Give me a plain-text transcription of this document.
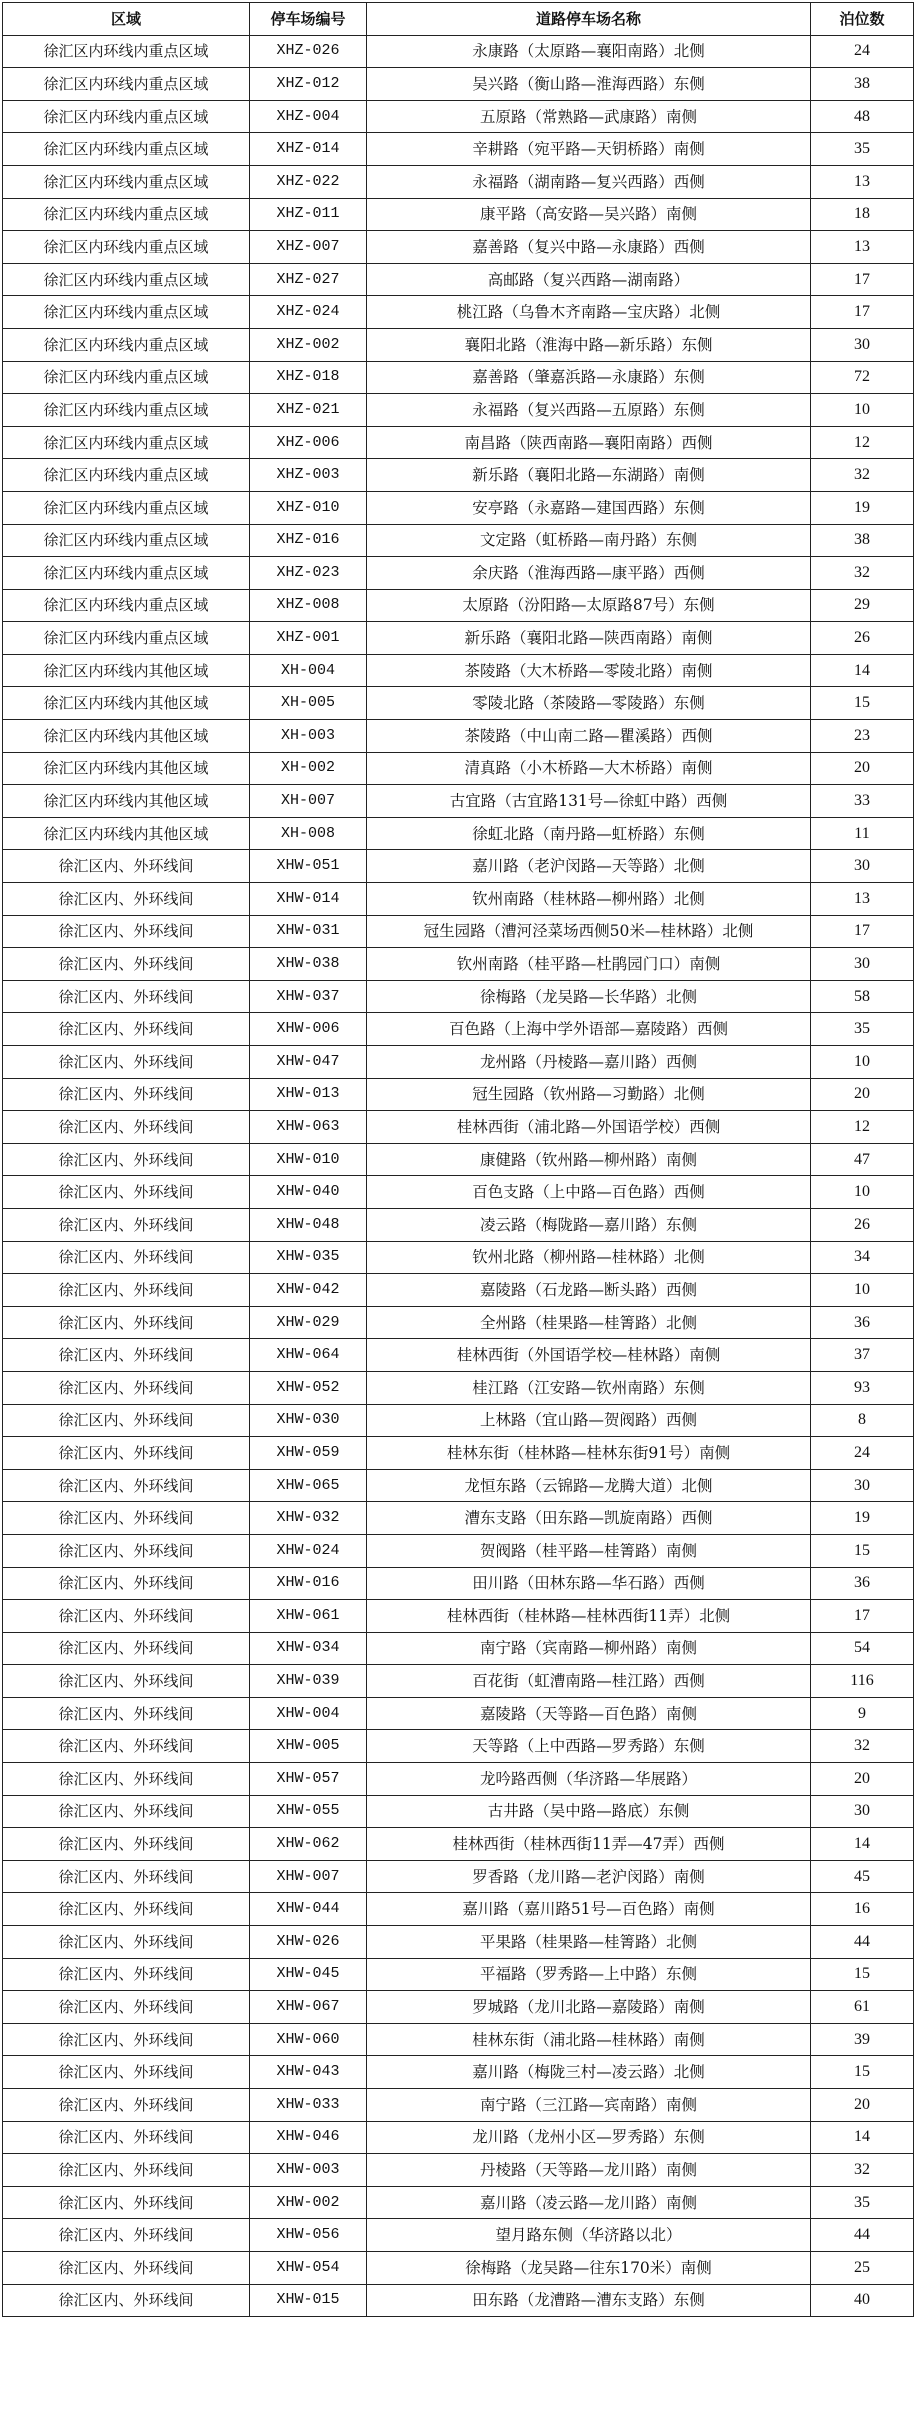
区域	停车场编号	道路停车场名称	泊位数
徐汇区内环线内重点区域	XHZ-026	永康路（太原路—襄阳南路）北侧	24
徐汇区内环线内重点区域	XHZ-012	吴兴路（衡山路—淮海西路）东侧	38
徐汇区内环线内重点区域	XHZ-004	五原路（常熟路—武康路）南侧	48
徐汇区内环线内重点区域	XHZ-014	辛耕路（宛平路—天钥桥路）南侧	35
徐汇区内环线内重点区域	XHZ-022	永福路（湖南路—复兴西路）西侧	13
徐汇区内环线内重点区域	XHZ-011	康平路（高安路—吴兴路）南侧	18
徐汇区内环线内重点区域	XHZ-007	嘉善路（复兴中路—永康路）西侧	13
徐汇区内环线内重点区域	XHZ-027	高邮路（复兴西路—湖南路）	17
徐汇区内环线内重点区域	XHZ-024	桃江路（乌鲁木齐南路—宝庆路）北侧	17
徐汇区内环线内重点区域	XHZ-002	襄阳北路（淮海中路—新乐路）东侧	30
徐汇区内环线内重点区域	XHZ-018	嘉善路（肇嘉浜路—永康路）东侧	72
徐汇区内环线内重点区域	XHZ-021	永福路（复兴西路—五原路）东侧	10
徐汇区内环线内重点区域	XHZ-006	南昌路（陕西南路—襄阳南路）西侧	12
徐汇区内环线内重点区域	XHZ-003	新乐路（襄阳北路—东湖路）南侧	32
徐汇区内环线内重点区域	XHZ-010	安亭路（永嘉路—建国西路）东侧	19
徐汇区内环线内重点区域	XHZ-016	文定路（虹桥路—南丹路）东侧	38
徐汇区内环线内重点区域	XHZ-023	余庆路（淮海西路—康平路）西侧	32
徐汇区内环线内重点区域	XHZ-008	太原路（汾阳路—太原路87号）东侧	29
徐汇区内环线内重点区域	XHZ-001	新乐路（襄阳北路—陕西南路）南侧	26
徐汇区内环线内其他区域	XH-004	茶陵路（大木桥路—零陵北路）南侧	14
徐汇区内环线内其他区域	XH-005	零陵北路（茶陵路—零陵路）东侧	15
徐汇区内环线内其他区域	XH-003	茶陵路（中山南二路—瞿溪路）西侧	23
徐汇区内环线内其他区域	XH-002	清真路（小木桥路—大木桥路）南侧	20
徐汇区内环线内其他区域	XH-007	古宜路（古宜路131号—徐虹中路）西侧	33
徐汇区内环线内其他区域	XH-008	徐虹北路（南丹路—虹桥路）东侧	11
徐汇区内、外环线间	XHW-051	嘉川路（老沪闵路—天等路）北侧	30
徐汇区内、外环线间	XHW-014	钦州南路（桂林路—柳州路）北侧	13
徐汇区内、外环线间	XHW-031	冠生园路（漕河泾菜场西侧50米—桂林路）北侧	17
徐汇区内、外环线间	XHW-038	钦州南路（桂平路—杜鹃园门口）南侧	30
徐汇区内、外环线间	XHW-037	徐梅路（龙吴路—长华路）北侧	58
徐汇区内、外环线间	XHW-006	百色路（上海中学外语部—嘉陵路）西侧	35
徐汇区内、外环线间	XHW-047	龙州路（丹棱路—嘉川路）西侧	10
徐汇区内、外环线间	XHW-013	冠生园路（钦州路—习勤路）北侧	20
徐汇区内、外环线间	XHW-063	桂林西街（浦北路—外国语学校）西侧	12
徐汇区内、外环线间	XHW-010	康健路（钦州路—柳州路）南侧	47
徐汇区内、外环线间	XHW-040	百色支路（上中路—百色路）西侧	10
徐汇区内、外环线间	XHW-048	凌云路（梅陇路—嘉川路）东侧	26
徐汇区内、外环线间	XHW-035	钦州北路（柳州路—桂林路）北侧	34
徐汇区内、外环线间	XHW-042	嘉陵路（石龙路—断头路）西侧	10
徐汇区内、外环线间	XHW-029	全州路（桂果路—桂箐路）北侧	36
徐汇区内、外环线间	XHW-064	桂林西街（外国语学校—桂林路）南侧	37
徐汇区内、外环线间	XHW-052	桂江路（江安路—钦州南路）东侧	93
徐汇区内、外环线间	XHW-030	上林路（宜山路—贺阀路）西侧	8
徐汇区内、外环线间	XHW-059	桂林东街（桂林路—桂林东街91号）南侧	24
徐汇区内、外环线间	XHW-065	龙恒东路（云锦路—龙腾大道）北侧	30
徐汇区内、外环线间	XHW-032	漕东支路（田东路—凯旋南路）西侧	19
徐汇区内、外环线间	XHW-024	贺阀路（桂平路—桂箐路）南侧	15
徐汇区内、外环线间	XHW-016	田川路（田林东路—华石路）西侧	36
徐汇区内、外环线间	XHW-061	桂林西街（桂林路—桂林西街11弄）北侧	17
徐汇区内、外环线间	XHW-034	南宁路（宾南路—柳州路）南侧	54
徐汇区内、外环线间	XHW-039	百花街（虹漕南路—桂江路）西侧	116
徐汇区内、外环线间	XHW-004	嘉陵路（天等路—百色路）南侧	9
徐汇区内、外环线间	XHW-005	天等路（上中西路—罗秀路）东侧	32
徐汇区内、外环线间	XHW-057	龙吟路西侧（华济路—华展路）	20
徐汇区内、外环线间	XHW-055	古井路（吴中路—路底）东侧	30
徐汇区内、外环线间	XHW-062	桂林西街（桂林西街11弄—47弄）西侧	14
徐汇区内、外环线间	XHW-007	罗香路（龙川路—老沪闵路）南侧	45
徐汇区内、外环线间	XHW-044	嘉川路（嘉川路51号—百色路）南侧	16
徐汇区内、外环线间	XHW-026	平果路（桂果路—桂箐路）北侧	44
徐汇区内、外环线间	XHW-045	平福路（罗秀路—上中路）东侧	15
徐汇区内、外环线间	XHW-067	罗城路（龙川北路—嘉陵路）南侧	61
徐汇区内、外环线间	XHW-060	桂林东街（浦北路—桂林路）南侧	39
徐汇区内、外环线间	XHW-043	嘉川路（梅陇三村—凌云路）北侧	15
徐汇区内、外环线间	XHW-033	南宁路（三江路—宾南路）南侧	20
徐汇区内、外环线间	XHW-046	龙川路（龙州小区—罗秀路）东侧	14
徐汇区内、外环线间	XHW-003	丹棱路（天等路—龙川路）南侧	32
徐汇区内、外环线间	XHW-002	嘉川路（凌云路—龙川路）南侧	35
徐汇区内、外环线间	XHW-056	望月路东侧（华济路以北）	44
徐汇区内、外环线间	XHW-054	徐梅路（龙吴路—往东170米）南侧	25
徐汇区内、外环线间	XHW-015	田东路（龙漕路—漕东支路）东侧	40
